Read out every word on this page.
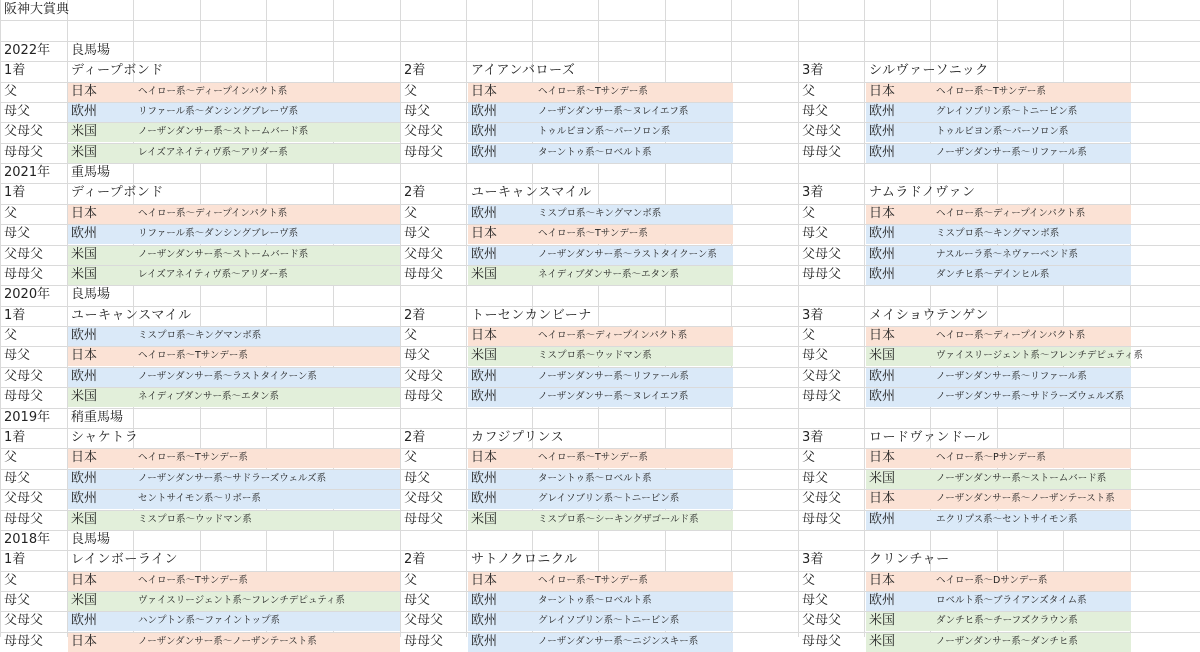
阪神大賞典
2022年 良馬場
1着	ディープボンド
父	日本	ヘイロー系～ディープインパクト系
母父	欧州	リファール系～ダンシングブレーヴ系
父母父 米国	ノーザンダンサー系～ストームバード系
母母父 米国	レイズアネイティヴ系～アリダー系
2着	アイアンバローズ
父	日本	ヘイロー系～Tサンデー系
母父	欧州	ノーザンダンサー系～ヌレイエフ系
父母父 欧州	トゥルビヨン系～パーソロン系
母母父 欧州	ターントゥ系～ロベルト系
3着	シルヴァーソニック
父	日本	ヘイロー系～Tサンデー系
母父	欧州	グレイソブリン系～トニービン系
父母父 欧州	トゥルビヨン系～パーソロン系
母母父 欧州	ノーザンダンサー系～リファール系
2021年 重馬場
1着	ディープボンド
父	日本	ヘイロー系～ディープインパクト系
母父	欧州	リファール系～ダンシングブレーヴ系
父母父 米国	ノーザンダンサー系～ストームバード系
母母父 米国	レイズアネイティヴ系～アリダー系
2着	ユーキャンスマイル
父	欧州	ミスプロ系～キングマンボ系
母父	日本	ヘイロー系～Tサンデー系
父母父 欧州	ノーザンダンサー系～ラストタイクーン系
母母父 米国	ネイディブダンサー系～エタン系
3着	ナムラドノヴァン
父	日本	ヘイロー系～ディープインパクト系
母父	欧州	ミスプロ系～キングマンボ系
父母父 欧州	ナスルーラ系～ネヴァーベンド系
母母父 欧州	ダンチヒ系～デインヒル系
2020年 良馬場
1着	ユーキャンスマイル
父	欧州	ミスプロ系～キングマンボ系
母父	日本	ヘイロー系～Tサンデー系
父母父 欧州	ノーザンダンサー系～ラストタイクーン系
母母父 米国	ネイディブダンサー系～エタン系
2着	トーセンカンビーナ
父	日本	ヘイロー系～ディープインパクト系
母父	米国	ミスプロ系～ウッドマン系
父母父 欧州	ノーザンダンサー系～リファール系
母母父 欧州	ノーザンダンサー系～ヌレイエフ系
3着	メイショウテンゲン
父	日本	ヘイロー系～ディープインパクト系
母父	米国	ヴァイスリージェント系～フレンチデピュティ系
父母父 欧州	ノーザンダンサー系～リファール系
母母父 欧州	ノーザンダンサー系～サドラーズウェルズ系
2019年 稍重馬場
1着	シャケトラ
父	日本	ヘイロー系～Tサンデー系
母父	欧州	ノーザンダンサー系～サドラーズウェルズ系
父母父 欧州	セントサイモン系～リボー系
母母父 米国	ミスプロ系～ウッドマン系
2着	カフジプリンス
父	日本	ヘイロー系～Tサンデー系
母父	欧州	ターントゥ系～ロベルト系
父母父 欧州	グレイソブリン系～トニービン系
母母父 米国	ミスプロ系～シーキングザゴールド系
3着	ロードヴァンドール
父	日本	ヘイロー系～Pサンデー系
母父	米国	ノーザンダンサー系～ストームバード系
父母父 日本	ノーザンダンサー系～ノーザンテースト系
母母父 欧州	エクリプス系～セントサイモン系
2018年 良馬場
1着	レインボーライン
父	日本	ヘイロー系～Tサンデー系
母父	米国	ヴァイスリージェント系～フレンチデピュティ系
父母父 欧州	ハンプトン系～ファイントップ系
母母父 日本	ノーザンダンサー系～ノーザンテースト系
2着	サトノクロニクル
父	日本	ヘイロー系～Tサンデー系
母父	欧州	ターントゥ系～ロベルト系
父母父 欧州	グレイソブリン系～トニービン系
母母父 欧州	ノーザンダンサー系～ニジンスキー系
3着	クリンチャー
父	日本	ヘイロー系～Dサンデー系
母父	欧州	ロベルト系～ブライアンズタイム系
父母父 米国	ダンチヒ系～チーフズクラウン系
母母父 米国	ノーザンダンサー系～ダンチヒ系
